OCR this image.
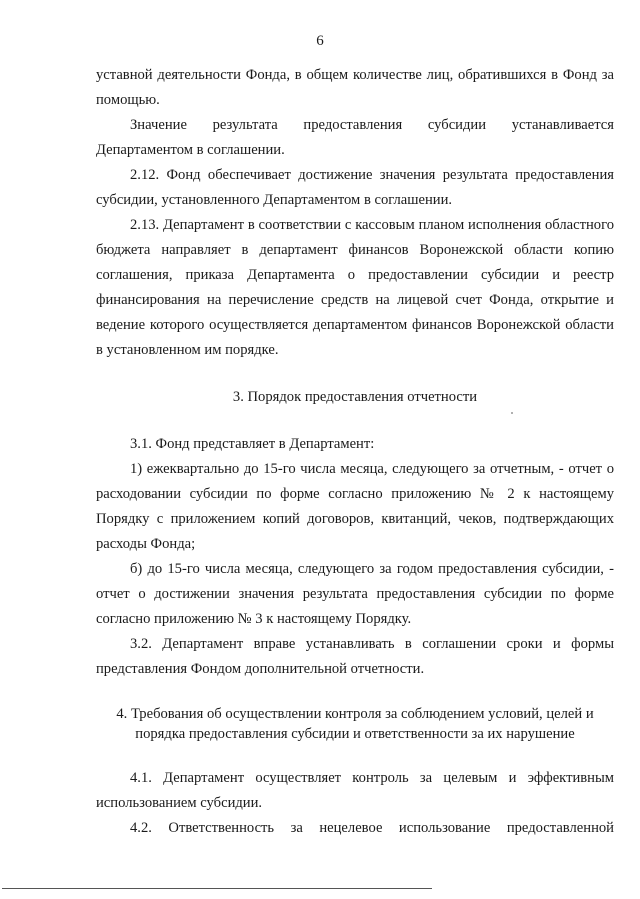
6

уставной деятельности Фонда, в общем количестве лиц, обратившихся в Фонд за помощью.

Значение результата предоставления субсидии устанавливается Департаментом в соглашении.

2.12. Фонд обеспечивает достижение значения результата предоставления субсидии, установленного Департаментом в соглашении.

2.13. Департамент в соответствии с кассовым планом исполнения областного бюджета направляет в департамент финансов Воронежской области копию соглашения, приказа Департамента о предоставлении субсидии и реестр финансирования на перечисление средств на лицевой счет Фонда, открытие и ведение которого осуществляется департаментом финансов Воронежской области в установленном им порядке.

3. Порядок предоставления отчетности

3.1. Фонд представляет в Департамент:

1) ежеквартально до 15-го числа месяца, следующего за отчетным, - отчет о расходовании субсидии по форме согласно приложению № 2 к настоящему Порядку с приложением копий договоров, квитанций, чеков, подтверждающих расходы Фонда;

б) до 15-го числа месяца, следующего за годом предоставления субсидии, - отчет о достижении значения результата предоставления субсидии по форме согласно приложению № 3 к настоящему Порядку.

3.2. Департамент вправе устанавливать в соглашении сроки и формы представления Фондом дополнительной отчетности.

4. Требования об осуществлении контроля за соблюдением условий, целей и

порядка предоставления субсидии и ответственности за их нарушение

4.1. Департамент осуществляет контроль за целевым и эффективным использованием субсидии.

4.2. Ответственность за нецелевое использование предоставленной
